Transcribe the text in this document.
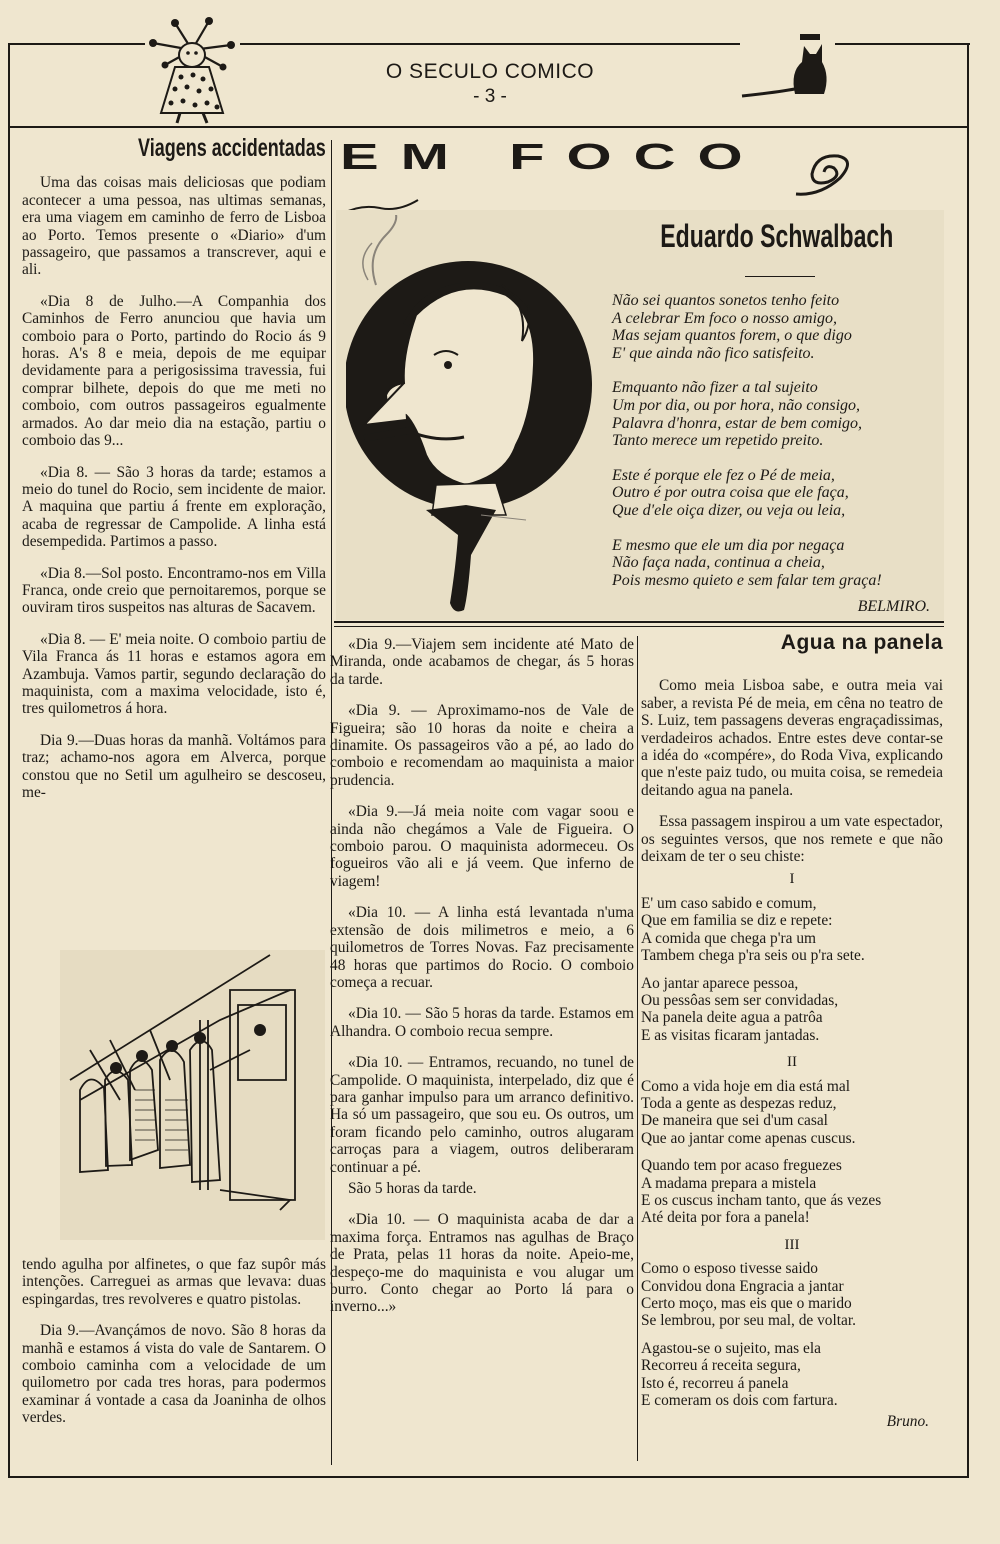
O SECULO COMICO
- 3 -
Viagens accidentadas

Uma das coisas mais deliciosas que podiam acontecer a uma pessoa, nas ultimas semanas, era uma viagem em caminho de ferro de Lisboa ao Porto. Temos presente o «Diario» d'um passageiro, que passamos a transcrever, aqui e ali.

«Dia 8 de Julho.—A Companhia dos Caminhos de Ferro anunciou que havia um comboio para o Porto, partindo do Rocio ás 9 horas. A's 8 e meia, depois de me equipar devidamente para a perigosissima travessia, fui comprar bilhete, depois do que me meti no comboio, com outros passageiros egualmente armados. Ao dar meio dia na estação, partiu o comboio das 9...

«Dia 8. — São 3 horas da tarde; estamos a meio do tunel do Rocio, sem incidente de maior. A maquina que partiu á frente em exploração, acaba de regressar de Campolide. A linha está desempedida. Partimos a passo.

«Dia 8.—Sol posto. Encontramo-nos em Villa Franca, onde creio que pernoitaremos, porque se ouviram tiros suspeitos nas alturas de Sacavem.

«Dia 8. — E' meia noite. O comboio partiu de Vila Franca ás 11 horas e estamos agora em Azambuja. Vamos partir, segundo declaração do maquinista, com a maxima velocidade, isto é, tres quilometros á hora.

Dia 9.—Duas horas da manhã. Voltámos para traz; achamo-nos agora em Alverca, porque constou que no Setil um agulheiro se descoseu, me-

tendo agulha por alfinetes, o que faz supôr más intenções. Carreguei as armas que levava: duas espingardas, tres revolveres e quatro pistolas.

Dia 9.—Avançámos de novo. São 8 horas da manhã e estamos á vista do vale de Santarem. O comboio caminha com a velocidade de um quilometro por cada tres horas, para podermos examinar á vontade a casa da Joaninha de olhos verdes.

EM FOCO
Eduardo Schwalbach
Não sei quantos sonetos tenho feito
A celebrar Em foco o nosso amigo,
Mas sejam quantos forem, o que digo
E' que ainda não fico satisfeito.
Emquanto não fizer a tal sujeito
Um por dia, ou por hora, não consigo,
Palavra d'honra, estar de bem comigo,
Tanto merece um repetido preito.
Este é porque ele fez o Pé de meia,
Outro é por outra coisa que ele faça,
Que d'ele oiça dizer, ou veja ou leia,
E mesmo que ele um dia por negaça
Não faça nada, continua a cheia,
Pois mesmo quieto e sem falar tem graça!
BELMIRO.

«Dia 9.—Viajem sem incidente até Mato de Miranda, onde acabamos de chegar, ás 5 horas da tarde.

«Dia 9. — Aproximamo-nos de Vale de Figueira; são 10 horas da noite e cheira a dinamite. Os passageiros vão a pé, ao lado do comboio e recomendam ao maquinista a maior prudencia.

«Dia 9.—Já meia noite com vagar soou e ainda não chegámos a Vale de Figueira. O comboio parou. O maquinista adormeceu. Os fogueiros vão ali e já veem. Que inferno de viagem!

«Dia 10. — A linha está levantada n'uma extensão de dois milimetros e meio, a 6 quilometros de Torres Novas. Faz precisamente 48 horas que partimos do Rocio. O comboio começa a recuar.

«Dia 10. — São 5 horas da tarde. Estamos em Alhandra. O comboio recua sempre.

«Dia 10. — Entramos, recuando, no tunel de Campolide. O maquinista, interpelado, diz que é para ganhar impulso para um arranco definitivo. Ha só um passageiro, que sou eu. Os outros, um foram ficando pelo caminho, outros alugaram carroças para a viagem, outros deliberaram continuar a pé.

São 5 horas da tarde.

«Dia 10. — O maquinista acaba de dar a maxima força. Entramos nas agulhas de Braço de Prata, pelas 11 horas da noite. Apeio-me, despeço-me do maquinista e vou alugar um burro. Conto chegar ao Porto lá para o inverno...»

Agua na panela

Como meia Lisboa sabe, e outra meia vai saber, a revista Pé de meia, em cêna no teatro de S. Luiz, tem passagens deveras engraçadissimas, verdadeiros achados. Entre estes deve contar-se a idéa do «compére», do Roda Viva, explicando que n'este paiz tudo, ou muita coisa, se remedeia deitando agua na panela.

Essa passagem inspirou a um vate espectador, os seguintes versos, que nos remete e que não deixam de ter o seu chiste:

I
E' um caso sabido e comum,
Que em familia se diz e repete:
A comida que chega p'ra um
Tambem chega p'ra seis ou p'ra sete.
Ao jantar aparece pessoa,
Ou pessôas sem ser convidadas,
Na panela deite agua a patrôa
E as visitas ficaram jantadas.
II
Como a vida hoje em dia está mal
Toda a gente as despezas reduz,
De maneira que sei d'um casal
Que ao jantar come apenas cuscus.
Quando tem por acaso freguezes
A madama prepara a mistela
E os cuscus incham tanto, que ás vezes
Até deita por fora a panela!
III
Como o esposo tivesse saido
Convidou dona Engracia a jantar
Certo moço, mas eis que o marido
Se lembrou, por seu mal, de voltar.
Agastou-se o sujeito, mas ela
Recorreu á receita segura,
Isto é, recorreu á panela
E comeram os dois com fartura.
Bruno.
